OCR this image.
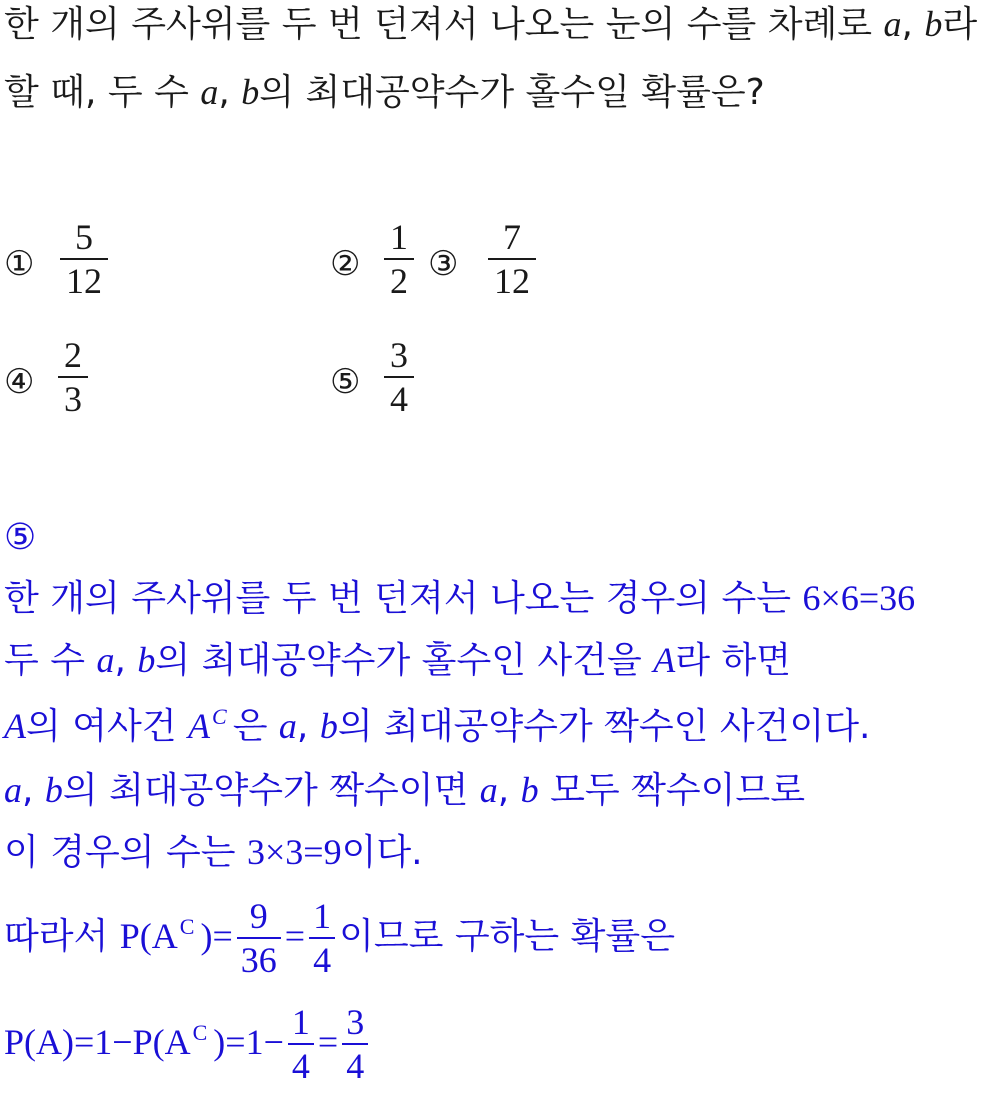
한 개의 주사위를 두 번 던져서 나오는 눈의 수를 차례로 a, b라
할 때, 두 수 a, b의 최대공약수가 홀수일 확률은?
①
5
12	②
1
2 ③
7
12
④
2
3	⑤
3
4
⑤
한 개의 주사위를 두 번 던져서 나오는 경우의 수는 6×6=36
두 수 a, b의 최대공약수가 홀수인 사건을 A라 하면
A의 여사건 $A^C$ 은 a, b의 최대공약수가 짝수인 사건이다.
a, b의 최대공약수가 짝수이면 a, b 모두 짝수이므로
이 경우의 수는 3×3=9이다.
따라서 $P(A^C$ )= $\frac{9}{36} = \frac{1}{4}$ 이므로 구하는 확률은
$P(A)=1-P(A^C$ )$=1- \frac{1}{4} = \frac{3}{4}$
